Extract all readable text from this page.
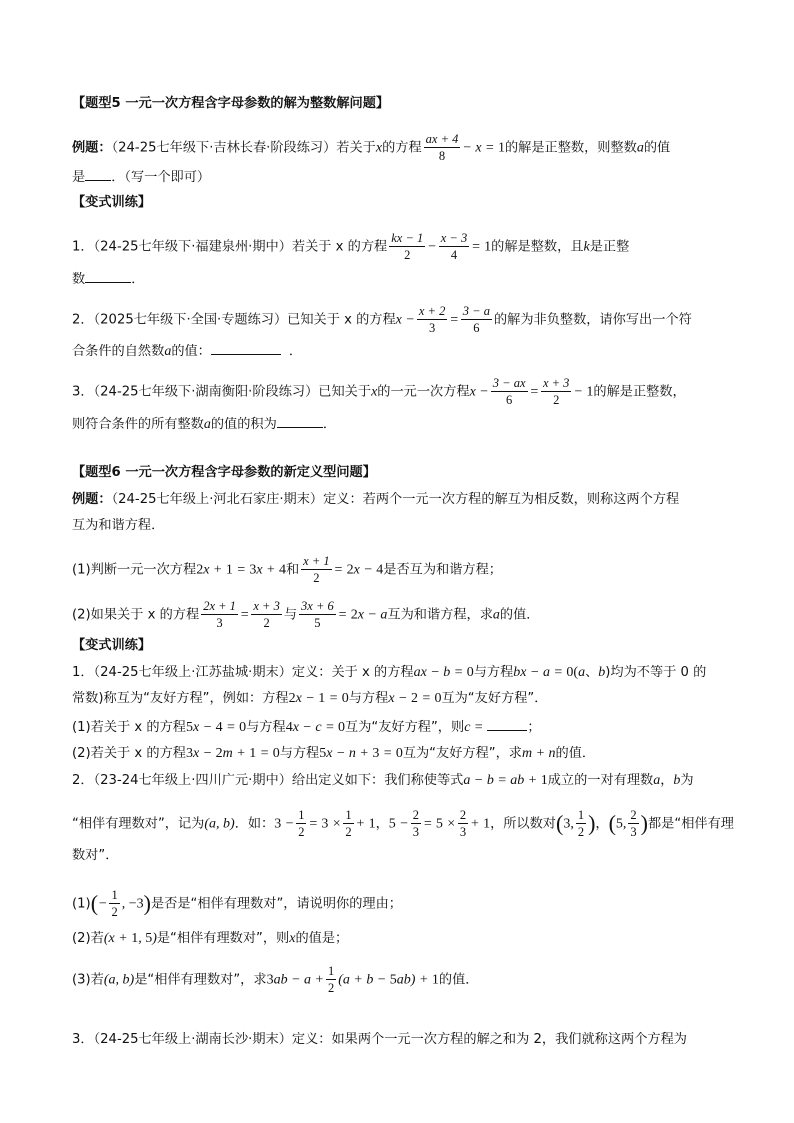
【题型5 一元一次方程含字母参数的解为整数解问题】
例题：（24-25七年级下·吉林长春·阶段练习）若关于x的方程 $\frac{ax + 4}{8} - x = 1$的解是正整数，则整数a的值
是 ．（写一个即可）
【变式训练】
1．（24-25七年级下·福建泉州·期中）若关于 x 的方程 $\frac{kx - 1}{2} - \frac{x - 3}{4} = 1$的解是整数，且k是正整
数	．
2．（2025七年级下·全国·专题练习）已知关于 x 的方程$x - \frac{x + 2}{3} = \frac{3 - a}{6}$ 的解为非负整数，请你写出一个符
合条件的自然数a的值：	．
3．（24-25七年级下·湖南衡阳·阶段练习）已知关于x的一元一次方程$x - \frac{3 - ax}{6} = \frac{x + 3}{2} - 1$的解是正整数，
则符合条件的所有整数a的值的积为	．
【题型6 一元一次方程含字母参数的新定义型问题】
例题：（24-25七年级上·河北石家庄·期末）定义：若两个一元一次方程的解互为相反数，则称这两个方程
互为和谐方程．
(1)判断一元一次方程2x + 1 = 3x + 4和 $\frac{x + 1}{2} = 2x - 4$是否互为和谐方程；
(2)如果关于 x 的方程 $\frac{2x + 1}{3} = \frac{x + 3}{2}$ 与 $\frac{3x + 6}{5} = 2x - a$互为和谐方程，求a的值．
【变式训练】
1．（24-25七年级上·江苏盐城·期末）定义：关于 x 的方程ax − b = 0与方程bx − a = 0(a、b)均为不等于 0 的
常数)称互为“友好方程”，例如：方程2x − 1 = 0与方程x − 2 = 0互为“友好方程”．
(1)若关于 x 的方程5x − 4 = 0与方程4x − c = 0互为“友好方程”，则c =	；
(2)若关于 x 的方程3x − 2m + 1 = 0与方程5x − n + 3 = 0互为“友好方程”，求m + n的值．
2．（23-24七年级上·四川广元·期中）给出定义如下：我们称使等式a − b = ab + 1成立的一对有理数a，b为
“相伴有理数对”，记为(a, b)．如：$3 - \frac{1}{2} = 3 \times \frac{1}{2} + 1$，$5 - \frac{2}{3} = 5 \times \frac{2}{3} + 1$，所以数对(3, $\frac{1}{2}$ )，(5, $\frac{2}{3}$ )都是“相伴有理
数对”．
$(1)(- \frac{1}{2}$ , −3)是否是“相伴有理数对”，请说明你的理由；
(2)若(x + 1, 5)是“相伴有理数对”，则x的值是；
(3)若(a, b)是“相伴有理数对”，求$3ab - a + \frac{1}{2} (a + b - 5ab) + 1$的值．
3．（24-25七年级上·湖南长沙·期末）定义：如果两个一元一次方程的解之和为 2，我们就称这两个方程为
